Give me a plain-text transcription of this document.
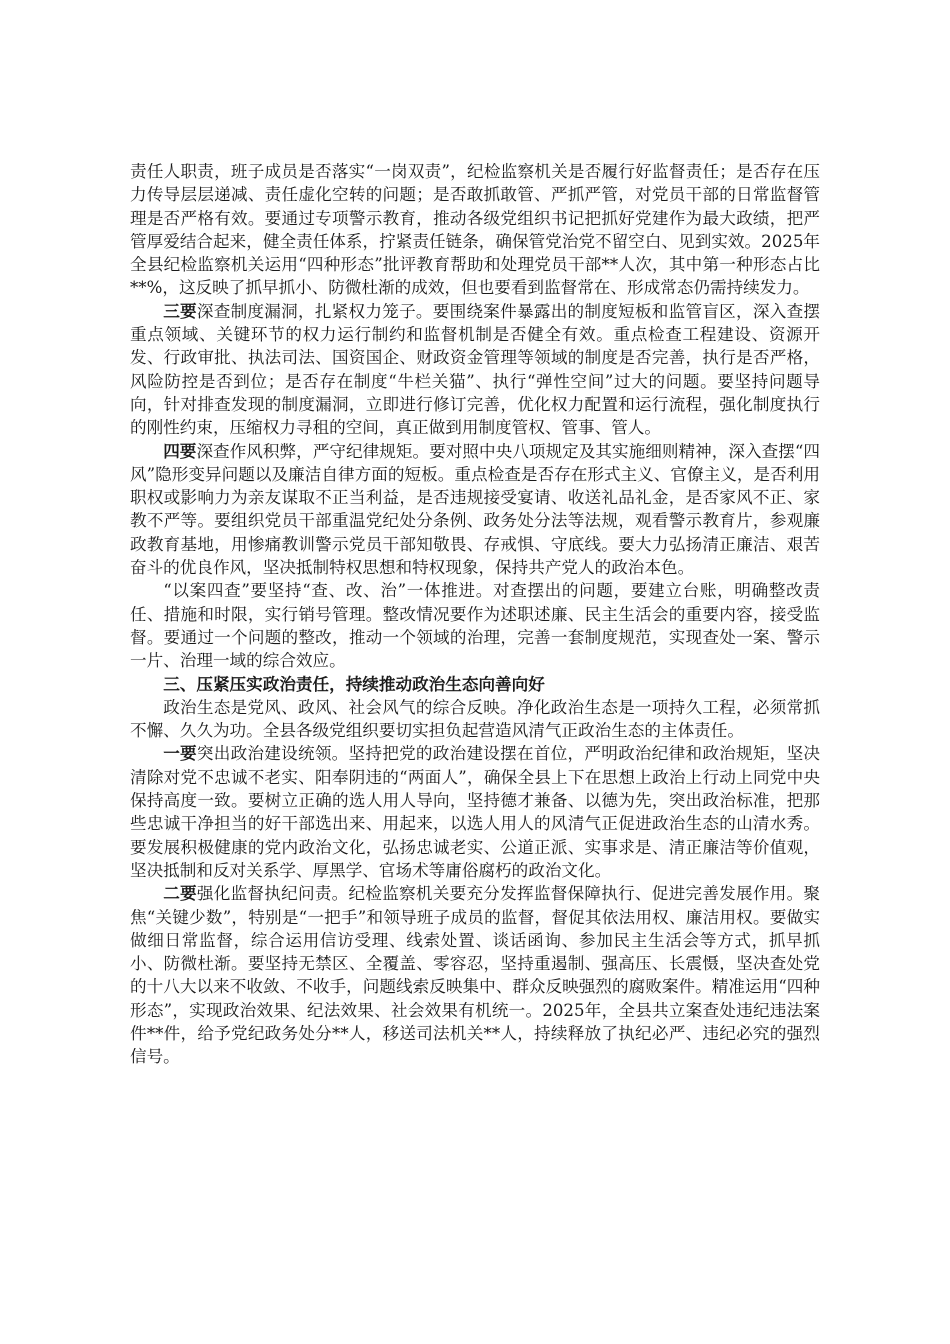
责任人职责，班子成员是否落实“一岗双责”，纪检监察机关是否履行好监督责任；是否存在压力传导层层递减、责任虚化空转的问题；是否敢抓敢管、严抓严管，对党员干部的日常监督管理是否严格有效。要通过专项警示教育，推动各级党组织书记把抓好党建作为最大政绩，把严管厚爱结合起来，健全责任体系，拧紧责任链条，确保管党治党不留空白、见到实效。2025年全县纪检监察机关运用“四种形态”批评教育帮助和处理党员干部**人次，其中第一种形态占比**%，这反映了抓早抓小、防微杜渐的成效，但也要看到监督常在、形成常态仍需持续发力。

三要深查制度漏洞，扎紧权力笼子。要围绕案件暴露出的制度短板和监管盲区，深入查摆重点领域、关键环节的权力运行制约和监督机制是否健全有效。重点检查工程建设、资源开发、行政审批、执法司法、国资国企、财政资金管理等领域的制度是否完善，执行是否严格，风险防控是否到位；是否存在制度“牛栏关猫”、执行“弹性空间”过大的问题。要坚持问题导向，针对排查发现的制度漏洞，立即进行修订完善，优化权力配置和运行流程，强化制度执行的刚性约束，压缩权力寻租的空间，真正做到用制度管权、管事、管人。

四要深查作风积弊，严守纪律规矩。要对照中央八项规定及其实施细则精神，深入查摆“四风”隐形变异问题以及廉洁自律方面的短板。重点检查是否存在形式主义、官僚主义，是否利用职权或影响力为亲友谋取不正当利益，是否违规接受宴请、收送礼品礼金，是否家风不正、家教不严等。要组织党员干部重温党纪处分条例、政务处分法等法规，观看警示教育片，参观廉政教育基地，用惨痛教训警示党员干部知敬畏、存戒惧、守底线。要大力弘扬清正廉洁、艰苦奋斗的优良作风，坚决抵制特权思想和特权现象，保持共产党人的政治本色。

“以案四查”要坚持“查、改、治”一体推进。对查摆出的问题，要建立台账，明确整改责任、措施和时限，实行销号管理。整改情况要作为述职述廉、民主生活会的重要内容，接受监督。要通过一个问题的整改，推动一个领域的治理，完善一套制度规范，实现查处一案、警示一片、治理一域的综合效应。

三、压紧压实政治责任，持续推动政治生态向善向好

政治生态是党风、政风、社会风气的综合反映。净化政治生态是一项持久工程，必须常抓不懈、久久为功。全县各级党组织要切实担负起营造风清气正政治生态的主体责任。

一要突出政治建设统领。坚持把党的政治建设摆在首位，严明政治纪律和政治规矩，坚决清除对党不忠诚不老实、阳奉阴违的“两面人”，确保全县上下在思想上政治上行动上同党中央保持高度一致。要树立正确的选人用人导向，坚持德才兼备、以德为先，突出政治标准，把那些忠诚干净担当的好干部选出来、用起来，以选人用人的风清气正促进政治生态的山清水秀。要发展积极健康的党内政治文化，弘扬忠诚老实、公道正派、实事求是、清正廉洁等价值观，坚决抵制和反对关系学、厚黑学、官场术等庸俗腐朽的政治文化。

二要强化监督执纪问责。纪检监察机关要充分发挥监督保障执行、促进完善发展作用。聚焦“关键少数”，特别是“一把手”和领导班子成员的监督，督促其依法用权、廉洁用权。要做实做细日常监督，综合运用信访受理、线索处置、谈话函询、参加民主生活会等方式，抓早抓小、防微杜渐。要坚持无禁区、全覆盖、零容忍，坚持重遏制、强高压、长震慑，坚决查处党的十八大以来不收敛、不收手，问题线索反映集中、群众反映强烈的腐败案件。精准运用“四种形态”，实现政治效果、纪法效果、社会效果有机统一。2025年，全县共立案查处违纪违法案件**件，给予党纪政务处分**人，移送司法机关**人，持续释放了执纪必严、违纪必究的强烈信号。
